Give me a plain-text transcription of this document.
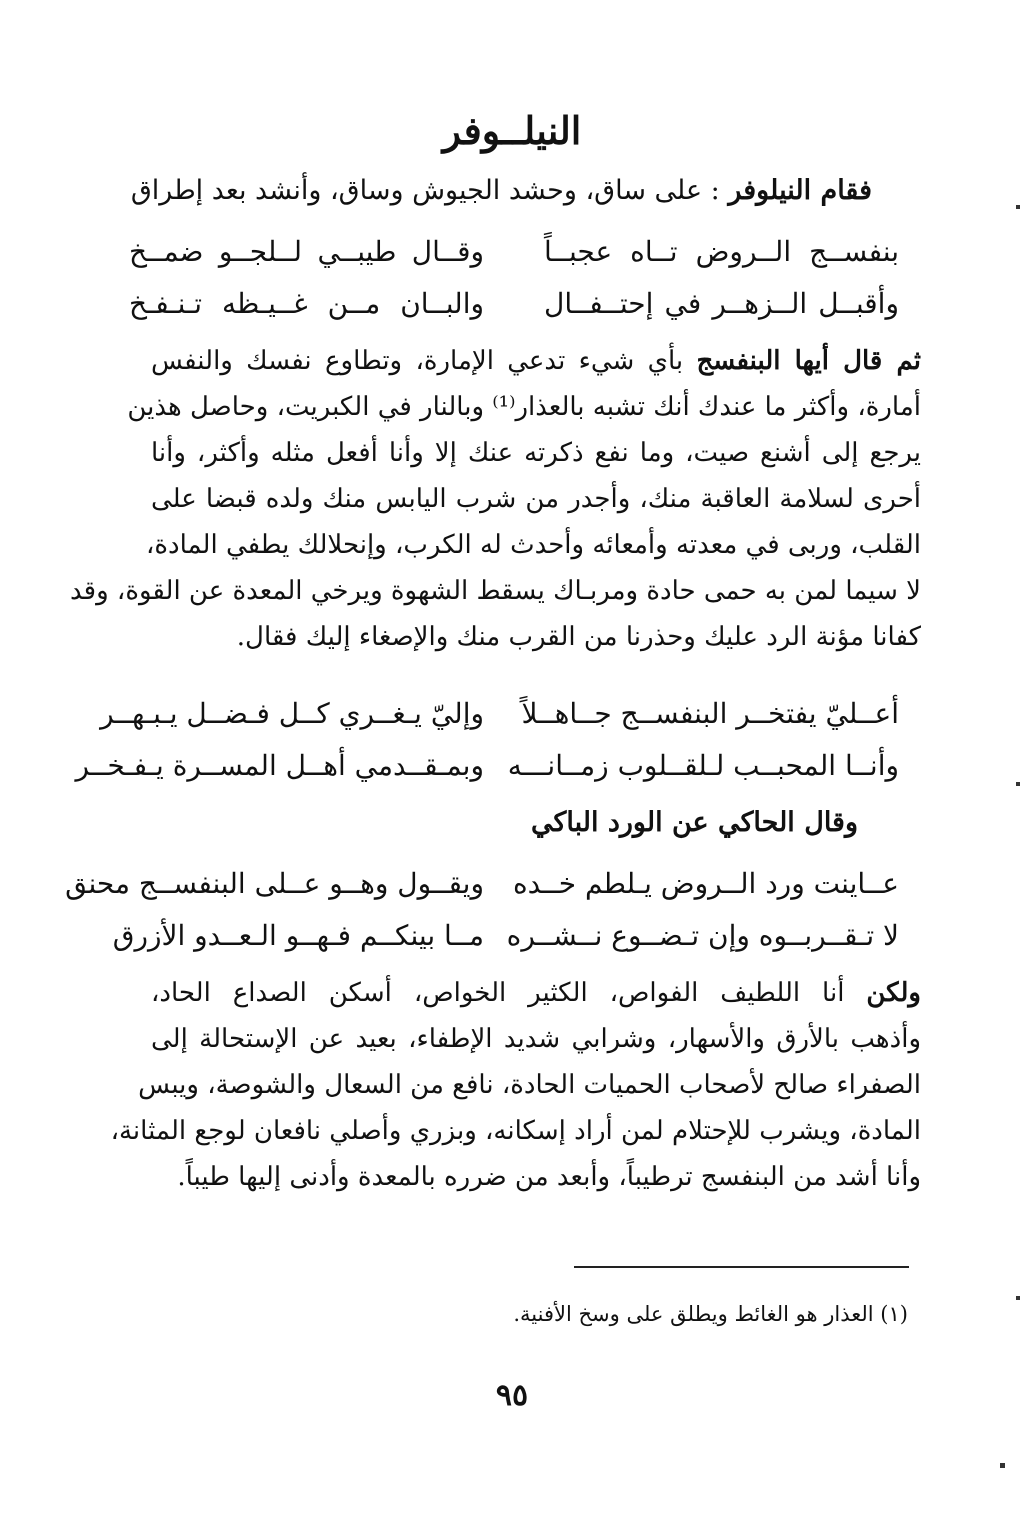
النيلــوفر
فقام النيلوفر : على ساق، وحشد الجيوش وساق، وأنشد بعد إطراق
بنفســج الــروض تــاه عجبــاً
وقــال طيبــي لــلجــو ضمــخ
وأقبــل الــزهــر في إحتــفــال
والبــان مــن غــيـظه تـنـفـخ
ثم قال أيها البنفسج بأي شيء تدعي الإمارة، وتطاوع نفسك والنفس
أمارة، وأكثر ما عندك أنك تشبه بالعذار⁽¹⁾ وبالنار في الكبريت، وحاصل هذين
يرجع إلى أشنع صيت، وما نفع ذكرته عنك إلا وأنا أفعل مثله وأكثر، وأنا
أحرى لسلامة العاقبة منك، وأجدر من شرب اليابس منك ولده قبضا على
القلب، وربى في معدته وأمعائه وأحدث له الكرب، وإنحلالك يطفي المادة،
لا سيما لمن به حمى حادة ومربـاك يسقط الشهوة ويرخي المعدة عن القوة، وقد
كفانا مؤنة الرد عليك وحذرنا من القرب منك والإصغاء إليك فقال.
أعــليّ يفتخــر البنفســج جــاهــلاً
وإليّ يـغــري كــل فـضــل يـبـهــر
وأنــا المحبــب لـلقــلوب زمــانـــه
وبمـقــدمي أهــل المســرة يـفـخــر
وقال الحاكي عن الورد الباكي
عــاينت ورد الــروض يـلطم خــده
ويقــول وهــو عــلى البنفســج محنق
لا تـقــربــوه وإن تـضــوع نــشــره
مــا بينكــم فـهــو الـعــدو الأزرق
ولكن أنا اللطيف الفواص، الكثير الخواص، أسكن الصداع الحاد،
وأذهب بالأرق والأسهار، وشرابي شديد الإطفاء، بعيد عن الإستحالة إلى
الصفراء صالح لأصحاب الحميات الحادة، نافع من السعال والشوصة، ويبس
المادة، ويشرب للإحتلام لمن أراد إسكانه، وبزري وأصلي نافعان لوجع المثانة،
وأنا أشد من البنفسج ترطيباً، وأبعد من ضرره بالمعدة وأدنى إليها طيباً.
(١) العذار هو الغائط ويطلق على وسخ الأفنية.
٩٥
